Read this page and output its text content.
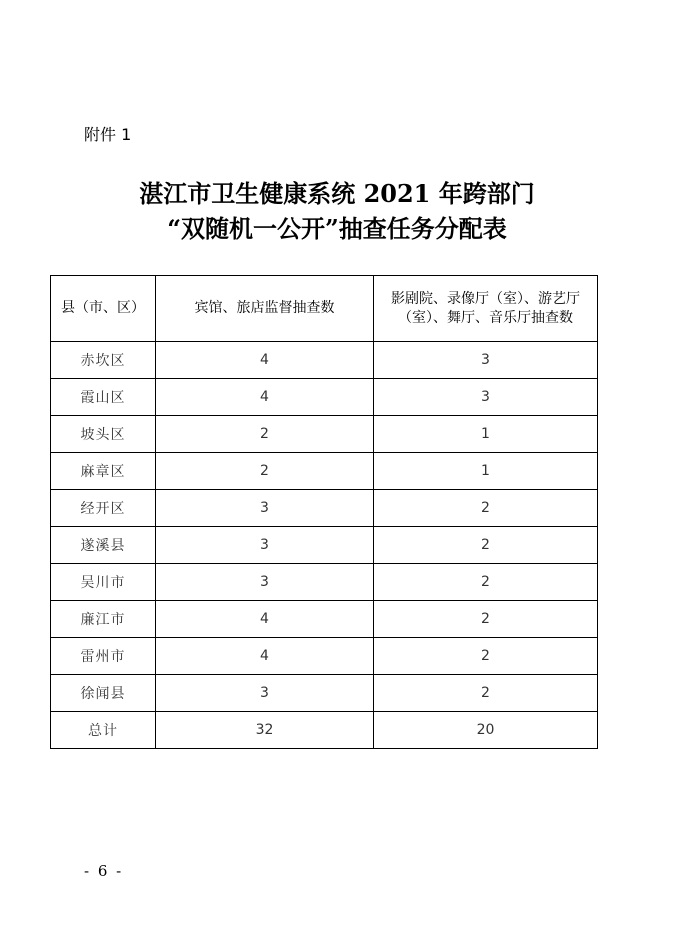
附件 1
湛江市卫生健康系统 2021 年跨部门
“双随机一公开”抽查任务分配表
县（市、区）	宾馆、旅店监督抽查数	影剧院、录像厅（室）、游艺厅（室）、舞厅、音乐厅抽查数
赤坎区	4	3
霞山区	4	3
坡头区	2	1
麻章区	2	1
经开区	3	2
遂溪县	3	2
吴川市	3	2
廉江市	4	2
雷州市	4	2
徐闻县	3	2
总计	32	20
- 6 -
